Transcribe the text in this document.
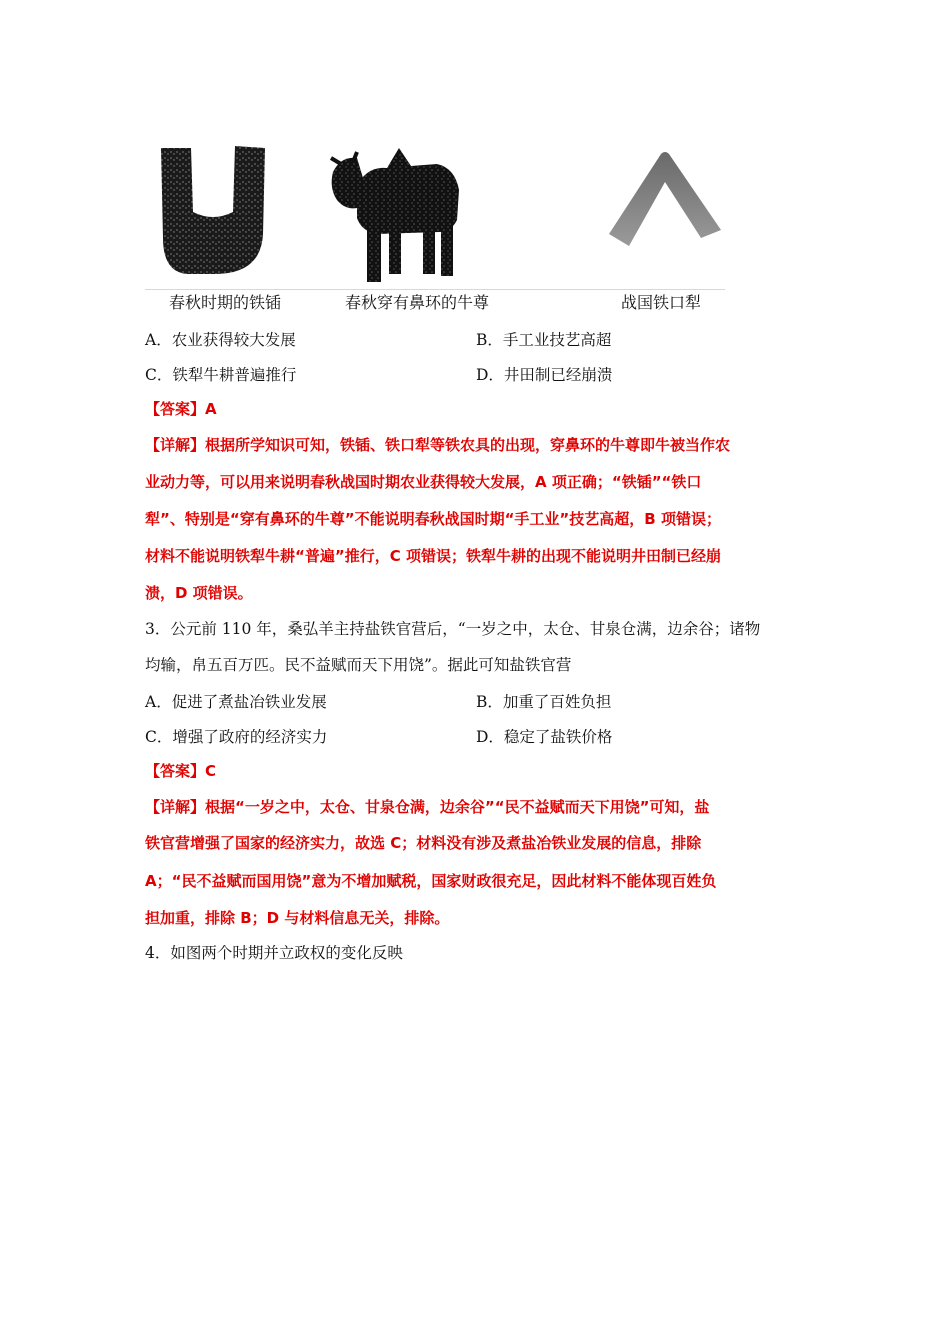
春秋时期的铁锸	春秋穿有鼻环的牛尊	战国铁口犁
A．农业获得较大发展	B．手工业技艺高超
C．铁犁牛耕普遍推行	D．井田制已经崩溃
【答案】A
【详解】根据所学知识可知，铁锸、铁口犁等铁农具的出现，穿鼻环的牛尊即牛被当作农
业动力等，可以用来说明春秋战国时期农业获得较大发展，A 项正确；“铁锸”“铁口
犁”、特别是“穿有鼻环的牛尊”不能说明春秋战国时期“手工业”技艺高超，B 项错误；
材料不能说明铁犁牛耕“普遍”推行，C 项错误；铁犁牛耕的出现不能说明井田制已经崩
溃，D 项错误。
3．公元前 110 年，桑弘羊主持盐铁官营后，“一岁之中，太仓、甘泉仓满，边余谷；诸物
均输，帛五百万匹。民不益赋而天下用饶”。据此可知盐铁官营
A．促进了煮盐冶铁业发展	B．加重了百姓负担
C．增强了政府的经济实力	D．稳定了盐铁价格
【答案】C
【详解】根据“一岁之中，太仓、甘泉仓满，边余谷”“民不益赋而天下用饶”可知，盐
铁官营增强了国家的经济实力，故选 C；材料没有涉及煮盐冶铁业发展的信息，排除
A；“民不益赋而国用饶”意为不增加赋税，国家财政很充足，因此材料不能体现百姓负
担加重，排除 B；D 与材料信息无关，排除。
4．如图两个时期并立政权的变化反映
